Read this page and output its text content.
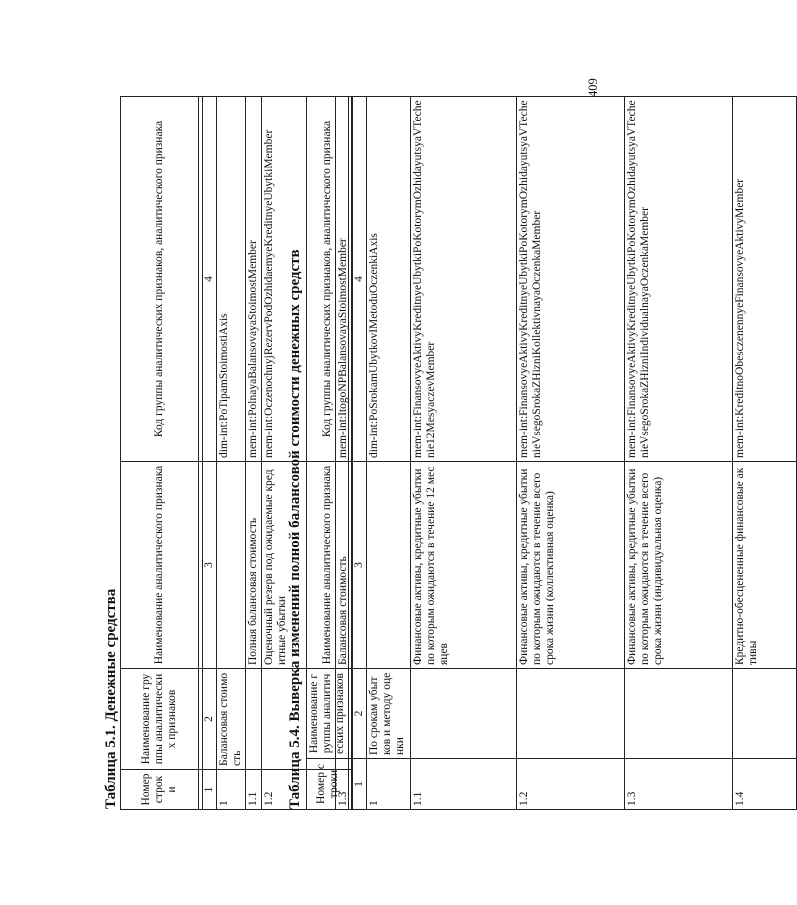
Таблица 5.1. Денежные средства Номер строки	Наименование группы аналитических признаков	Наименование аналитического признака	Код группы аналитических признаков, аналитического признака

1	2	3	4
1	Балансовая стоимость		dim-int:PoTipamStoimostiAxis
1.1		Полная балансовая стоимость	mem-int:PolnayaBalansovayaStoimostMember
1.2		Оценочный резерв под ожидаемые кредитные убытки	mem-int:OczenochnyjRezervPodOzhidaemyeKreditnyeUbytkiMember
1.3		Балансовая стоимость	mem-int:ItogoNPBalansovayaStoimostMember
Таблица 5.4. Выверка изменений полной балансовой стоимости денежных средств Номер строки	Наименование группы аналитических признаков	Наименование аналитического признака	Код группы аналитических признаков, аналитического признака

1	2	3	4
1	По срокам убытков и методу оценки		dim-int:PoSrokamUbytkovIMetoduOczenkiAxis
1.1		Финансовые активы, кредитные убытки по которым ожидаются в течение 12 месяцев	mem-int:FinansovyeAktivyKreditnyeUbytkiPoKotorymOzhidayutsyaVTechenie12MesyaczevMember
1.2		Финансовые активы, кредитные убытки по которым ожидаются в течение всего срока жизни (коллективная оценка)	mem-int:FinansovyeAktivyKreditnyeUbytkiPoKotorymOzhidayutsyaVTechenieVsegoSrokaZHizniKollektivnayaOczenkaMember
1.3		Финансовые активы, кредитные убытки по которым ожидаются в течение всего срока жизни (индивидуальная оценка)	mem-int:FinansovyeAktivyKreditnyeUbytkiPoKotorymOzhidayutsyaVTechenieVsegoSrokaZHizniIndividualnayaOczenkaMember
1.4		Кредитно-обесцененные финансовые активы	mem-int:KreditnoObesczenennyeFinansovyeAktivyMember
409
